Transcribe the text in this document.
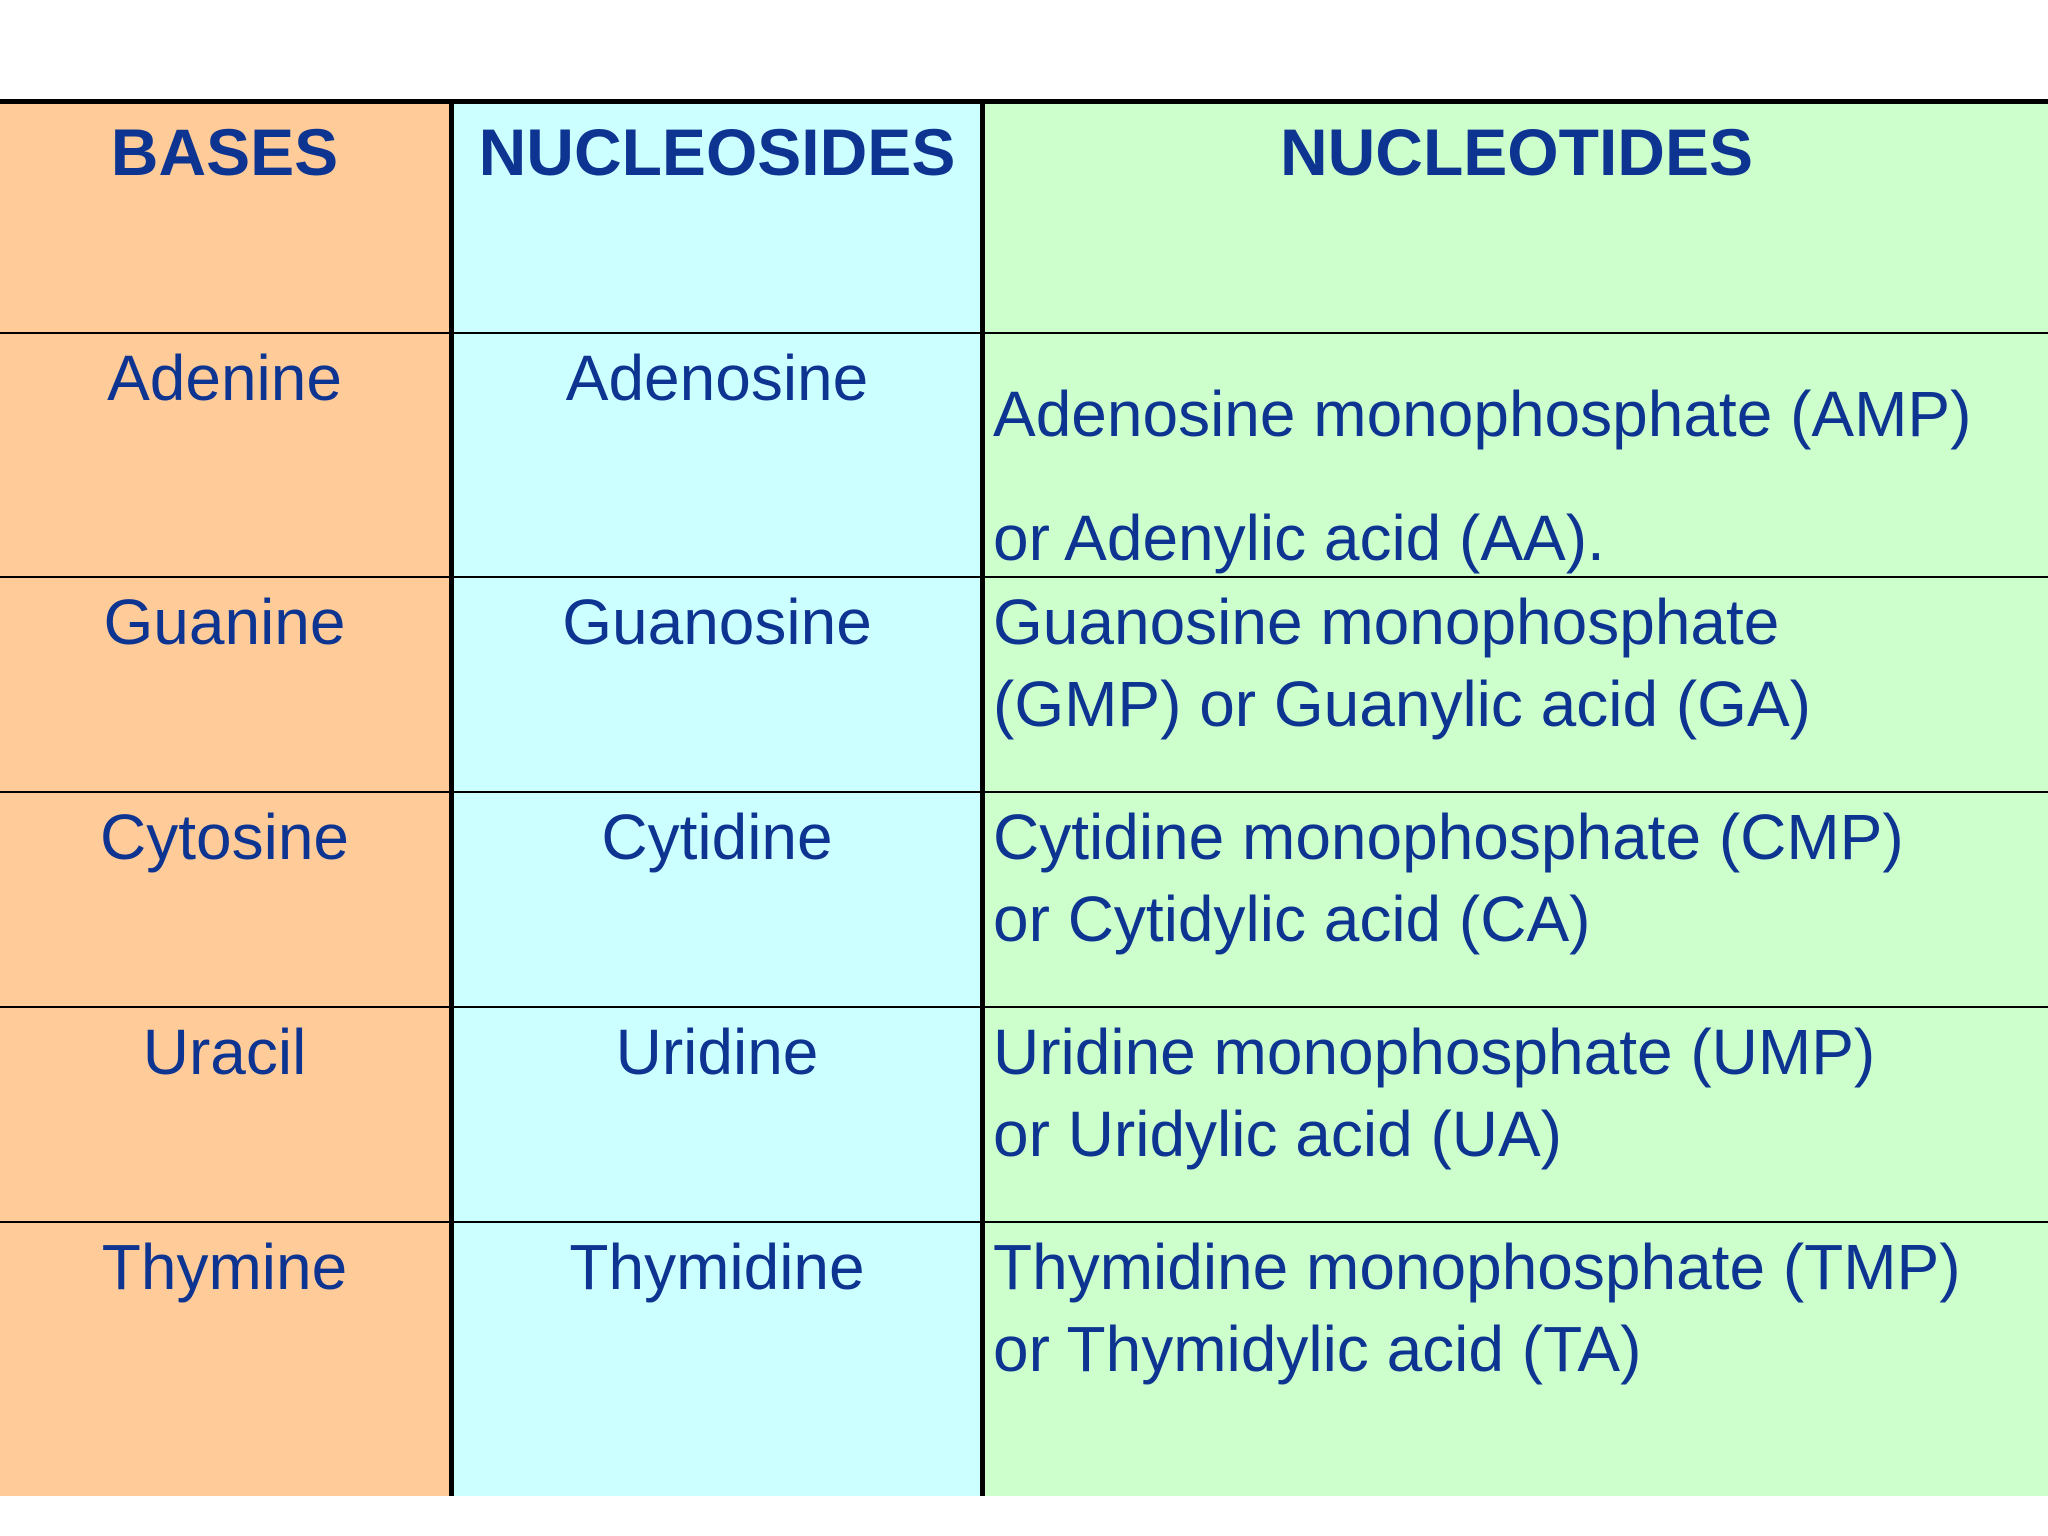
BASES	NUCLEOSIDES	NUCLEOTIDES
Adenine	Adenosine	Adenosine monophosphate (AMP)
or Adenylic acid (AA).
Guanine	Guanosine	Guanosine monophosphate
(GMP) or Guanylic acid (GA)
Cytosine	Cytidine	Cytidine monophosphate (CMP)
or Cytidylic acid (CA)
Uracil	Uridine	Uridine monophosphate (UMP)
or Uridylic acid (UA)
Thymine	Thymidine	Thymidine monophosphate (TMP)
or Thymidylic acid (TA)
